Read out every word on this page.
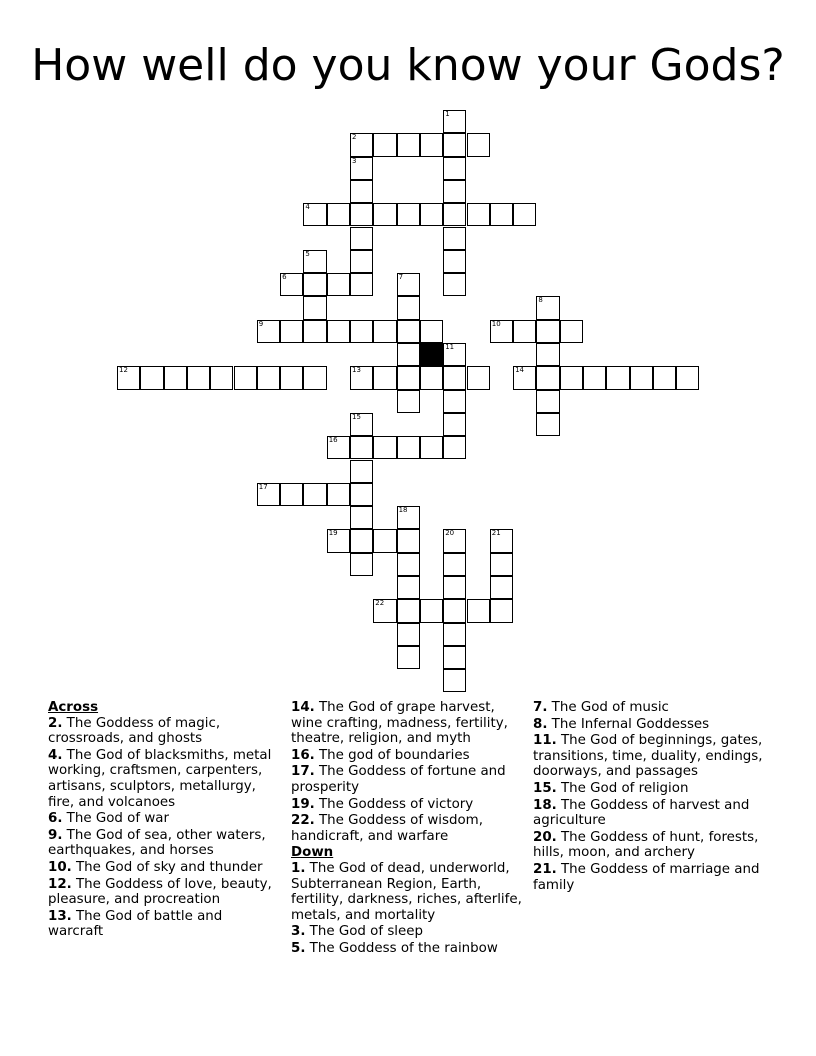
How well do you know your Gods?
1
2
3
4
5
6	7
8
9	10
11
12	13	14
15
16
17
18
19	20	21
22
Across
2. The Goddess of magic, crossroads, and ghosts
4. The God of blacksmiths, metal working, craftsmen, carpenters, artisans, sculptors, metallurgy, fire, and volcanoes
6. The God of war
9. The God of sea, other waters, earthquakes, and horses
10. The God of sky and thunder
12. The Goddess of love, beauty, pleasure, and procreation
13. The God of battle and warcraft
14. The God of grape harvest, wine crafting, madness, fertility, theatre, religion, and myth
16. The god of boundaries
17. The Goddess of fortune and prosperity
19. The Goddess of victory
22. The Goddess of wisdom, handicraft, and warfare
Down
1. The God of dead, underworld, Subterranean Region, Earth, fertility, darkness, riches, afterlife, metals, and mortality
3. The God of sleep
5. The Goddess of the rainbow
7. The God of music
8. The Infernal Goddesses
11. The God of beginnings, gates, transitions, time, duality, endings, doorways, and passages
15. The God of religion
18. The Goddess of harvest and agriculture
20. The Goddess of hunt, forests, hills, moon, and archery
21. The Goddess of marriage and family
